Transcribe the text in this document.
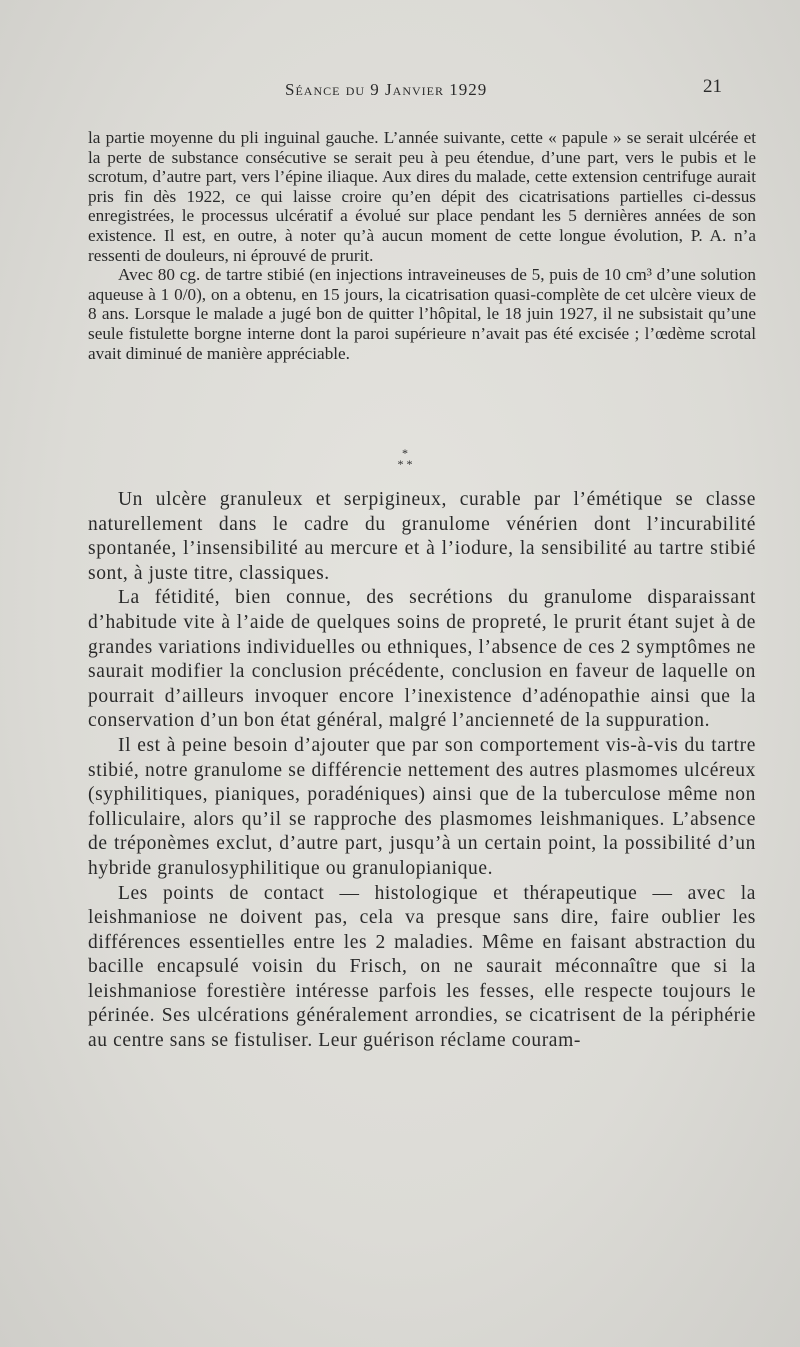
Séance du 9 Janvier 1929	21

la partie moyenne du pli inguinal gauche. L’année suivante, cette « papule » se serait ulcérée et la perte de substance consécutive se serait peu à peu étendue, d’une part, vers le pubis et le scrotum, d’autre part, vers l’épine iliaque. Aux dires du malade, cette extension centrifuge aurait pris fin dès 1922, ce qui laisse croire qu’en dépit des cicatrisations partielles ci-dessus enregistrées, le processus ulcératif a évolué sur place pendant les 5 dernières années de son existence. Il est, en outre, à noter qu’à aucun moment de cette longue évolution, P. A. n’a ressenti de douleurs, ni éprouvé de prurit.

Avec 80 cg. de tartre stibié (en injections intraveineuses de 5, puis de 10 cm³ d’une solution aqueuse à 1 0/0), on a obtenu, en 15 jours, la cicatrisation quasi-complète de cet ulcère vieux de 8 ans. Lorsque le malade a jugé bon de quitter l’hôpital, le 18 juin 1927, il ne subsistait qu’une seule fistulette borgne interne dont la paroi supérieure n’avait pas été excisée ; l’œdème scrotal avait diminué de manière appréciable.

*
* *

Un ulcère granuleux et serpigineux, curable par l’émétique se classe naturellement dans le cadre du granulome vénérien dont l’incurabilité spontanée, l’insensibilité au mercure et à l’iodure, la sensibilité au tartre stibié sont, à juste titre, classiques.

La fétidité, bien connue, des secrétions du granulome disparaissant d’habitude vite à l’aide de quelques soins de propreté, le prurit étant sujet à de grandes variations individuelles ou ethniques, l’absence de ces 2 symptômes ne saurait modifier la conclusion précédente, conclusion en faveur de laquelle on pourrait d’ailleurs invoquer encore l’inexistence d’adénopathie ainsi que la conservation d’un bon état général, malgré l’ancienneté de la suppuration.

Il est à peine besoin d’ajouter que par son comportement vis-à-vis du tartre stibié, notre granulome se différencie nettement des autres plasmomes ulcéreux (syphilitiques, pianiques, poradéniques) ainsi que de la tuberculose même non folliculaire, alors qu’il se rapproche des plasmomes leishmaniques. L’absence de tréponèmes exclut, d’autre part, jusqu’à un certain point, la possibilité d’un hybride granulosyphilitique ou granulopianique.

Les points de contact — histologique et thérapeutique — avec la leishmaniose ne doivent pas, cela va presque sans dire, faire oublier les différences essentielles entre les 2 maladies. Même en faisant abstraction du bacille encapsulé voisin du Frisch, on ne saurait méconnaître que si la leishmaniose forestière intéresse parfois les fesses, elle respecte toujours le périnée. Ses ulcérations généralement arrondies, se cicatrisent de la périphérie au centre sans se fistuliser. Leur guérison réclame couram-
